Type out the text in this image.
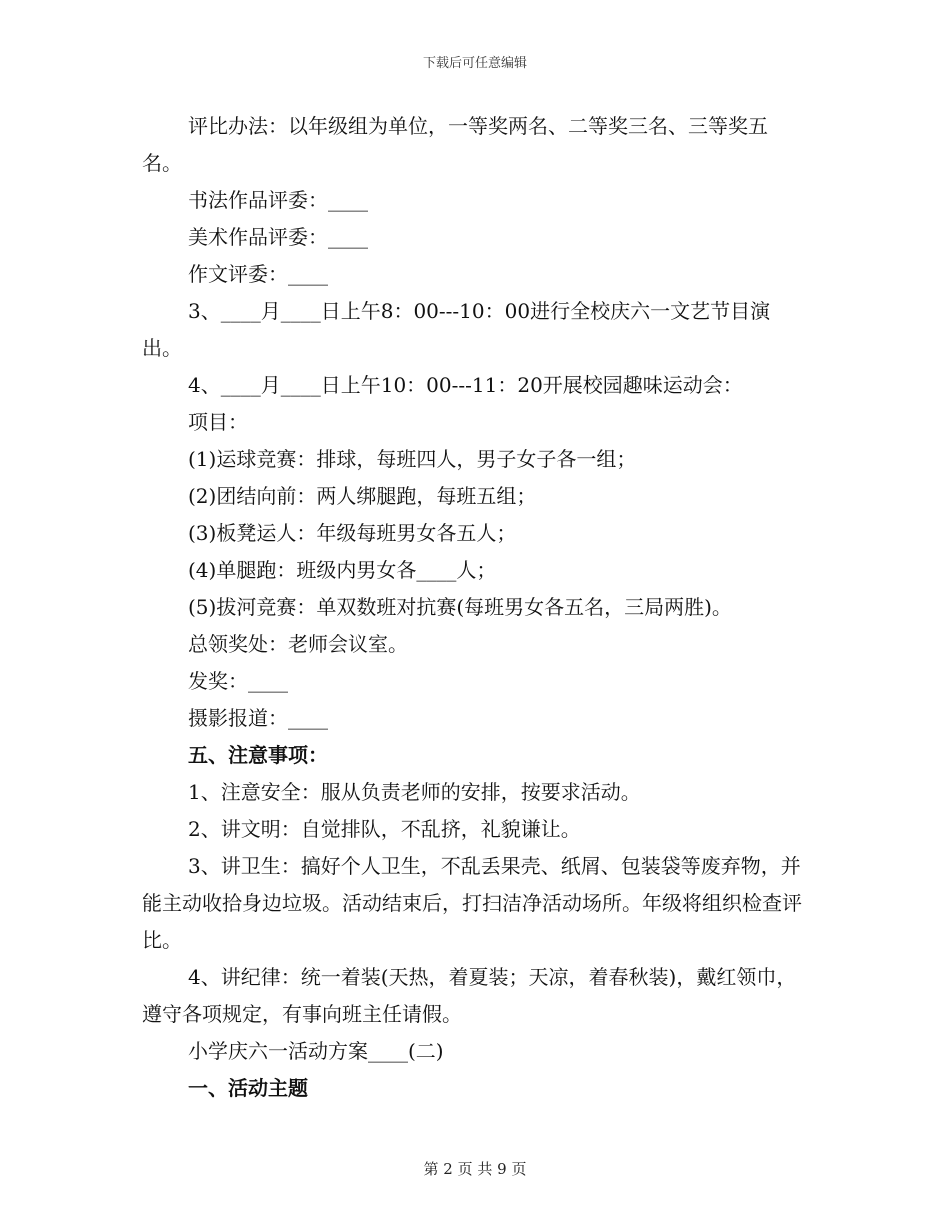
下载后可任意编辑

评比办法：以年级组为单位，一等奖两名、二等奖三名、三等奖五名。

书法作品评委：____

美术作品评委：____

作文评委：____

3、____月____日上午8：00---10：00进行全校庆六一文艺节目演出。

4、____月____日上午10：00---11：20开展校园趣味运动会：

项目：

(1)运球竞赛：排球，每班四人，男子女子各一组；

(2)团结向前：两人绑腿跑，每班五组；

(3)板凳运人：年级每班男女各五人；

(4)单腿跑：班级内男女各____人；

(5)拔河竞赛：单双数班对抗赛(每班男女各五名，三局两胜)。

总领奖处：老师会议室。

发奖：____

摄影报道：____

五、注意事项：

1、注意安全：服从负责老师的安排，按要求活动。

2、讲文明：自觉排队，不乱挤，礼貌谦让。

3、讲卫生：搞好个人卫生，不乱丢果壳、纸屑、包装袋等废弃物，并能主动收拾身边垃圾。活动结束后，打扫洁净活动场所。年级将组织检查评比。

4、讲纪律：统一着装(天热，着夏装；天凉，着春秋装)，戴红领巾，遵守各项规定，有事向班主任请假。

小学庆六一活动方案____(二)

一、活动主题

第 2 页 共 9 页
